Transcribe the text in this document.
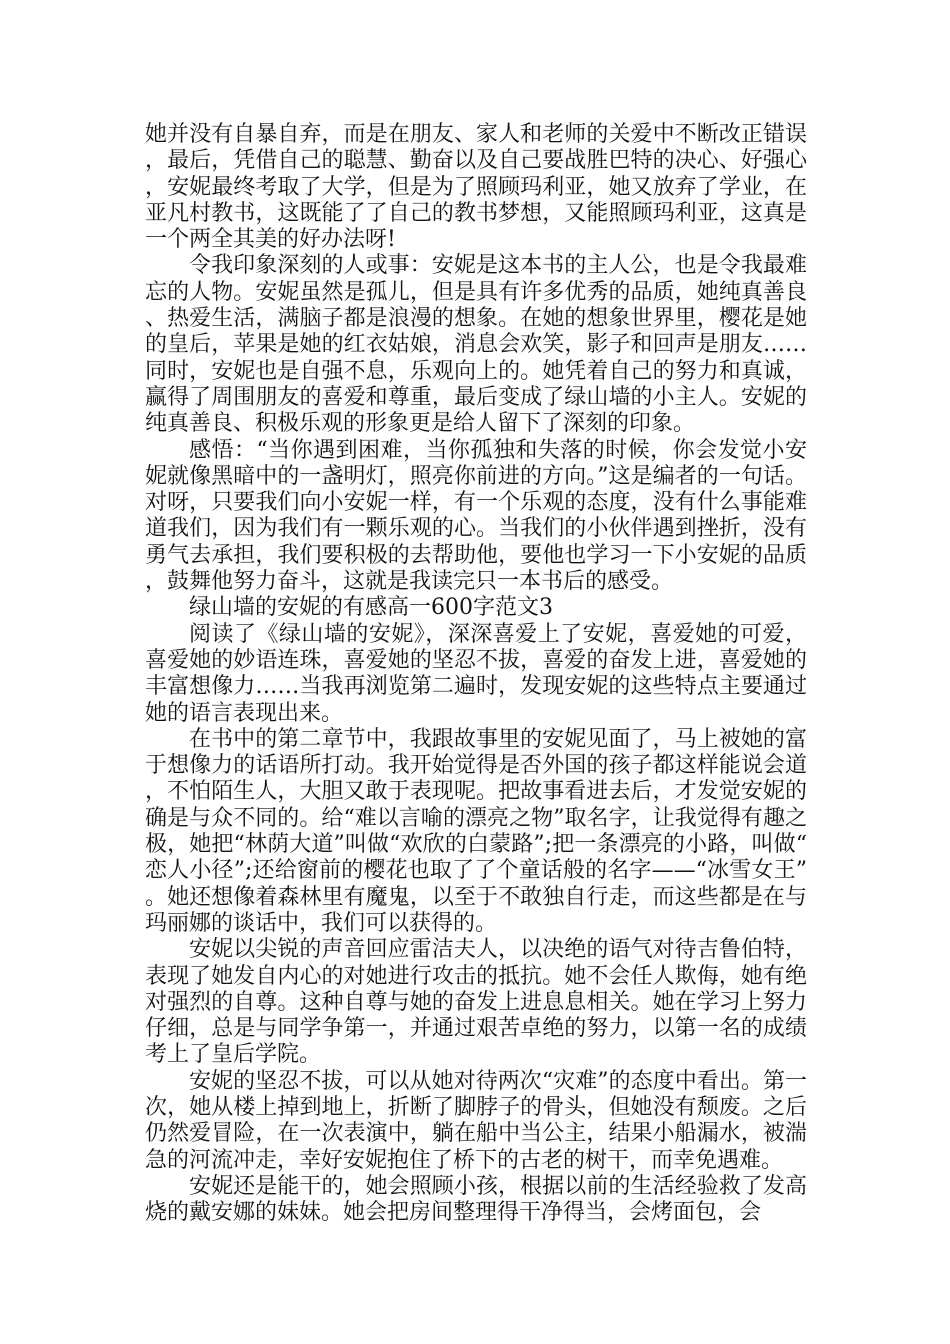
她并没有自暴自弃，而是在朋友、家人和老师的关爱中不断改正错误，最后，凭借自己的聪慧、勤奋以及自己要战胜巴特的决心、好强心，安妮最终考取了大学，但是为了照顾玛利亚，她又放弃了学业，在亚凡村教书，这既能了了自己的教书梦想，又能照顾玛利亚，这真是一个两全其美的好办法呀!

令我印象深刻的人或事：安妮是这本书的主人公，也是令我最难忘的人物。安妮虽然是孤儿，但是具有许多优秀的品质，她纯真善良、热爱生活，满脑子都是浪漫的想象。在她的想象世界里，樱花是她的皇后，苹果是她的红衣姑娘，消息会欢笑，影子和回声是朋友……同时，安妮也是自强不息，乐观向上的。她凭着自己的努力和真诚，赢得了周围朋友的喜爱和尊重，最后变成了绿山墙的小主人。安妮的纯真善良、积极乐观的形象更是给人留下了深刻的印象。

感悟：“当你遇到困难，当你孤独和失落的时候，你会发觉小安妮就像黑暗中的一盏明灯，照亮你前进的方向。”这是编者的一句话。对呀，只要我们向小安妮一样，有一个乐观的态度，没有什么事能难道我们，因为我们有一颗乐观的心。当我们的小伙伴遇到挫折，没有勇气去承担，我们要积极的去帮助他，要他也学习一下小安妮的品质，鼓舞他努力奋斗，这就是我读完只一本书后的感受。

绿山墙的安妮的有感高一600字范文3

阅读了《绿山墙的安妮》，深深喜爱上了安妮，喜爱她的可爱，喜爱她的妙语连珠，喜爱她的坚忍不拔，喜爱的奋发上进，喜爱她的丰富想像力……当我再浏览第二遍时，发现安妮的这些特点主要通过她的语言表现出来。

在书中的第二章节中，我跟故事里的安妮见面了，马上被她的富于想像力的话语所打动。我开始觉得是否外国的孩子都这样能说会道，不怕陌生人，大胆又敢于表现呢。把故事看进去后，才发觉安妮的确是与众不同的。给“难以言喻的漂亮之物”取名字，让我觉得有趣之极，她把“林荫大道”叫做“欢欣的白蒙路”;把一条漂亮的小路，叫做“恋人小径”;还给窗前的樱花也取了了个童话般的名字——“冰雪女王”。她还想像着森林里有魔鬼，以至于不敢独自行走，而这些都是在与玛丽娜的谈话中，我们可以获得的。

安妮以尖锐的声音回应雷洁夫人，以决绝的语气对待吉鲁伯特，表现了她发自内心的对她进行攻击的抵抗。她不会任人欺侮，她有绝对强烈的自尊。这种自尊与她的奋发上进息息相关。她在学习上努力仔细，总是与同学争第一，并通过艰苦卓绝的努力，以第一名的成绩考上了皇后学院。

安妮的坚忍不拔，可以从她对待两次“灾难”的态度中看出。第一次，她从楼上掉到地上，折断了脚脖子的骨头，但她没有颓废。之后仍然爱冒险，在一次表演中，躺在船中当公主，结果小船漏水，被湍急的河流冲走，幸好安妮抱住了桥下的古老的树干，而幸免遇难。

安妮还是能干的，她会照顾小孩，根据以前的生活经验救了发高烧的戴安娜的妹妹。她会把房间整理得干净得当，会烤面包，会
